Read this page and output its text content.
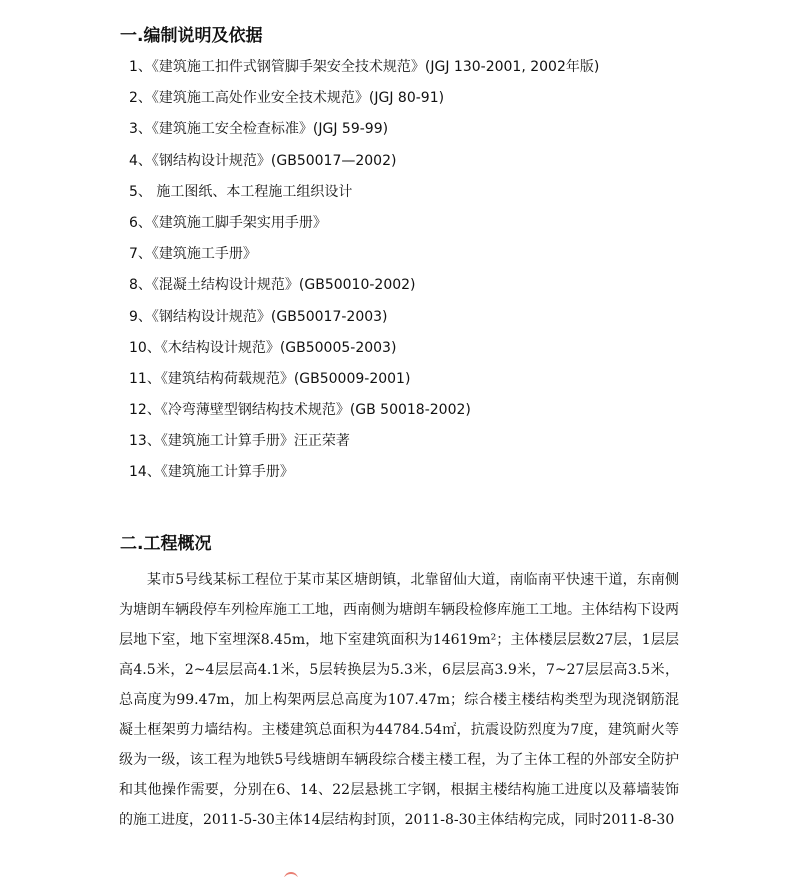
一.编制说明及依据
1、《建筑施工扣件式钢管脚手架安全技术规范》(JGJ 130-2001, 2002年版)
2、《建筑施工高处作业安全技术规范》(JGJ 80-91)
3、《建筑施工安全检查标准》(JGJ 59-99)
4、《钢结构设计规范》(GB50017—2002)
5、 施工图纸、本工程施工组织设计
6、《建筑施工脚手架实用手册》
7、《建筑施工手册》
8、《混凝土结构设计规范》(GB50010-2002)
9、《钢结构设计规范》(GB50017-2003)
10、《木结构设计规范》(GB50005-2003)
11、《建筑结构荷载规范》(GB50009-2001)
12、《冷弯薄壁型钢结构技术规范》(GB 50018-2002)
13、《建筑施工计算手册》汪正荣著
14、《建筑施工计算手册》
二.工程概况

某市5号线某标工程位于某市某区塘朗镇，北靠留仙大道，南临南平快速干道，东南侧为塘朗车辆段停车列检库施工工地，西南侧为塘朗车辆段检修库施工工地。主体结构下设两层地下室，地下室埋深8.45m，地下室建筑面积为14619m²；主体楼层层数27层，1层层高4.5米，2~4层层高4.1米，5层转换层为5.3米，6层层高3.9米，7~27层层高3.5米，总高度为99.47m，加上构架两层总高度为107.47m；综合楼主楼结构类型为现浇钢筋混凝土框架剪力墙结构。主楼建筑总面积为44784.54㎡，抗震设防烈度为7度，建筑耐火等级为一级，该工程为地铁5号线塘朗车辆段综合楼主楼工程，为了主体工程的外部安全防护和其他操作需要，分别在6、14、22层悬挑工字钢，根据主楼结构施工进度以及幕墙装饰的施工进度，2011-5-30主体14层结构封顶，2011-8-30主体结构完成，同时2011-8-30
